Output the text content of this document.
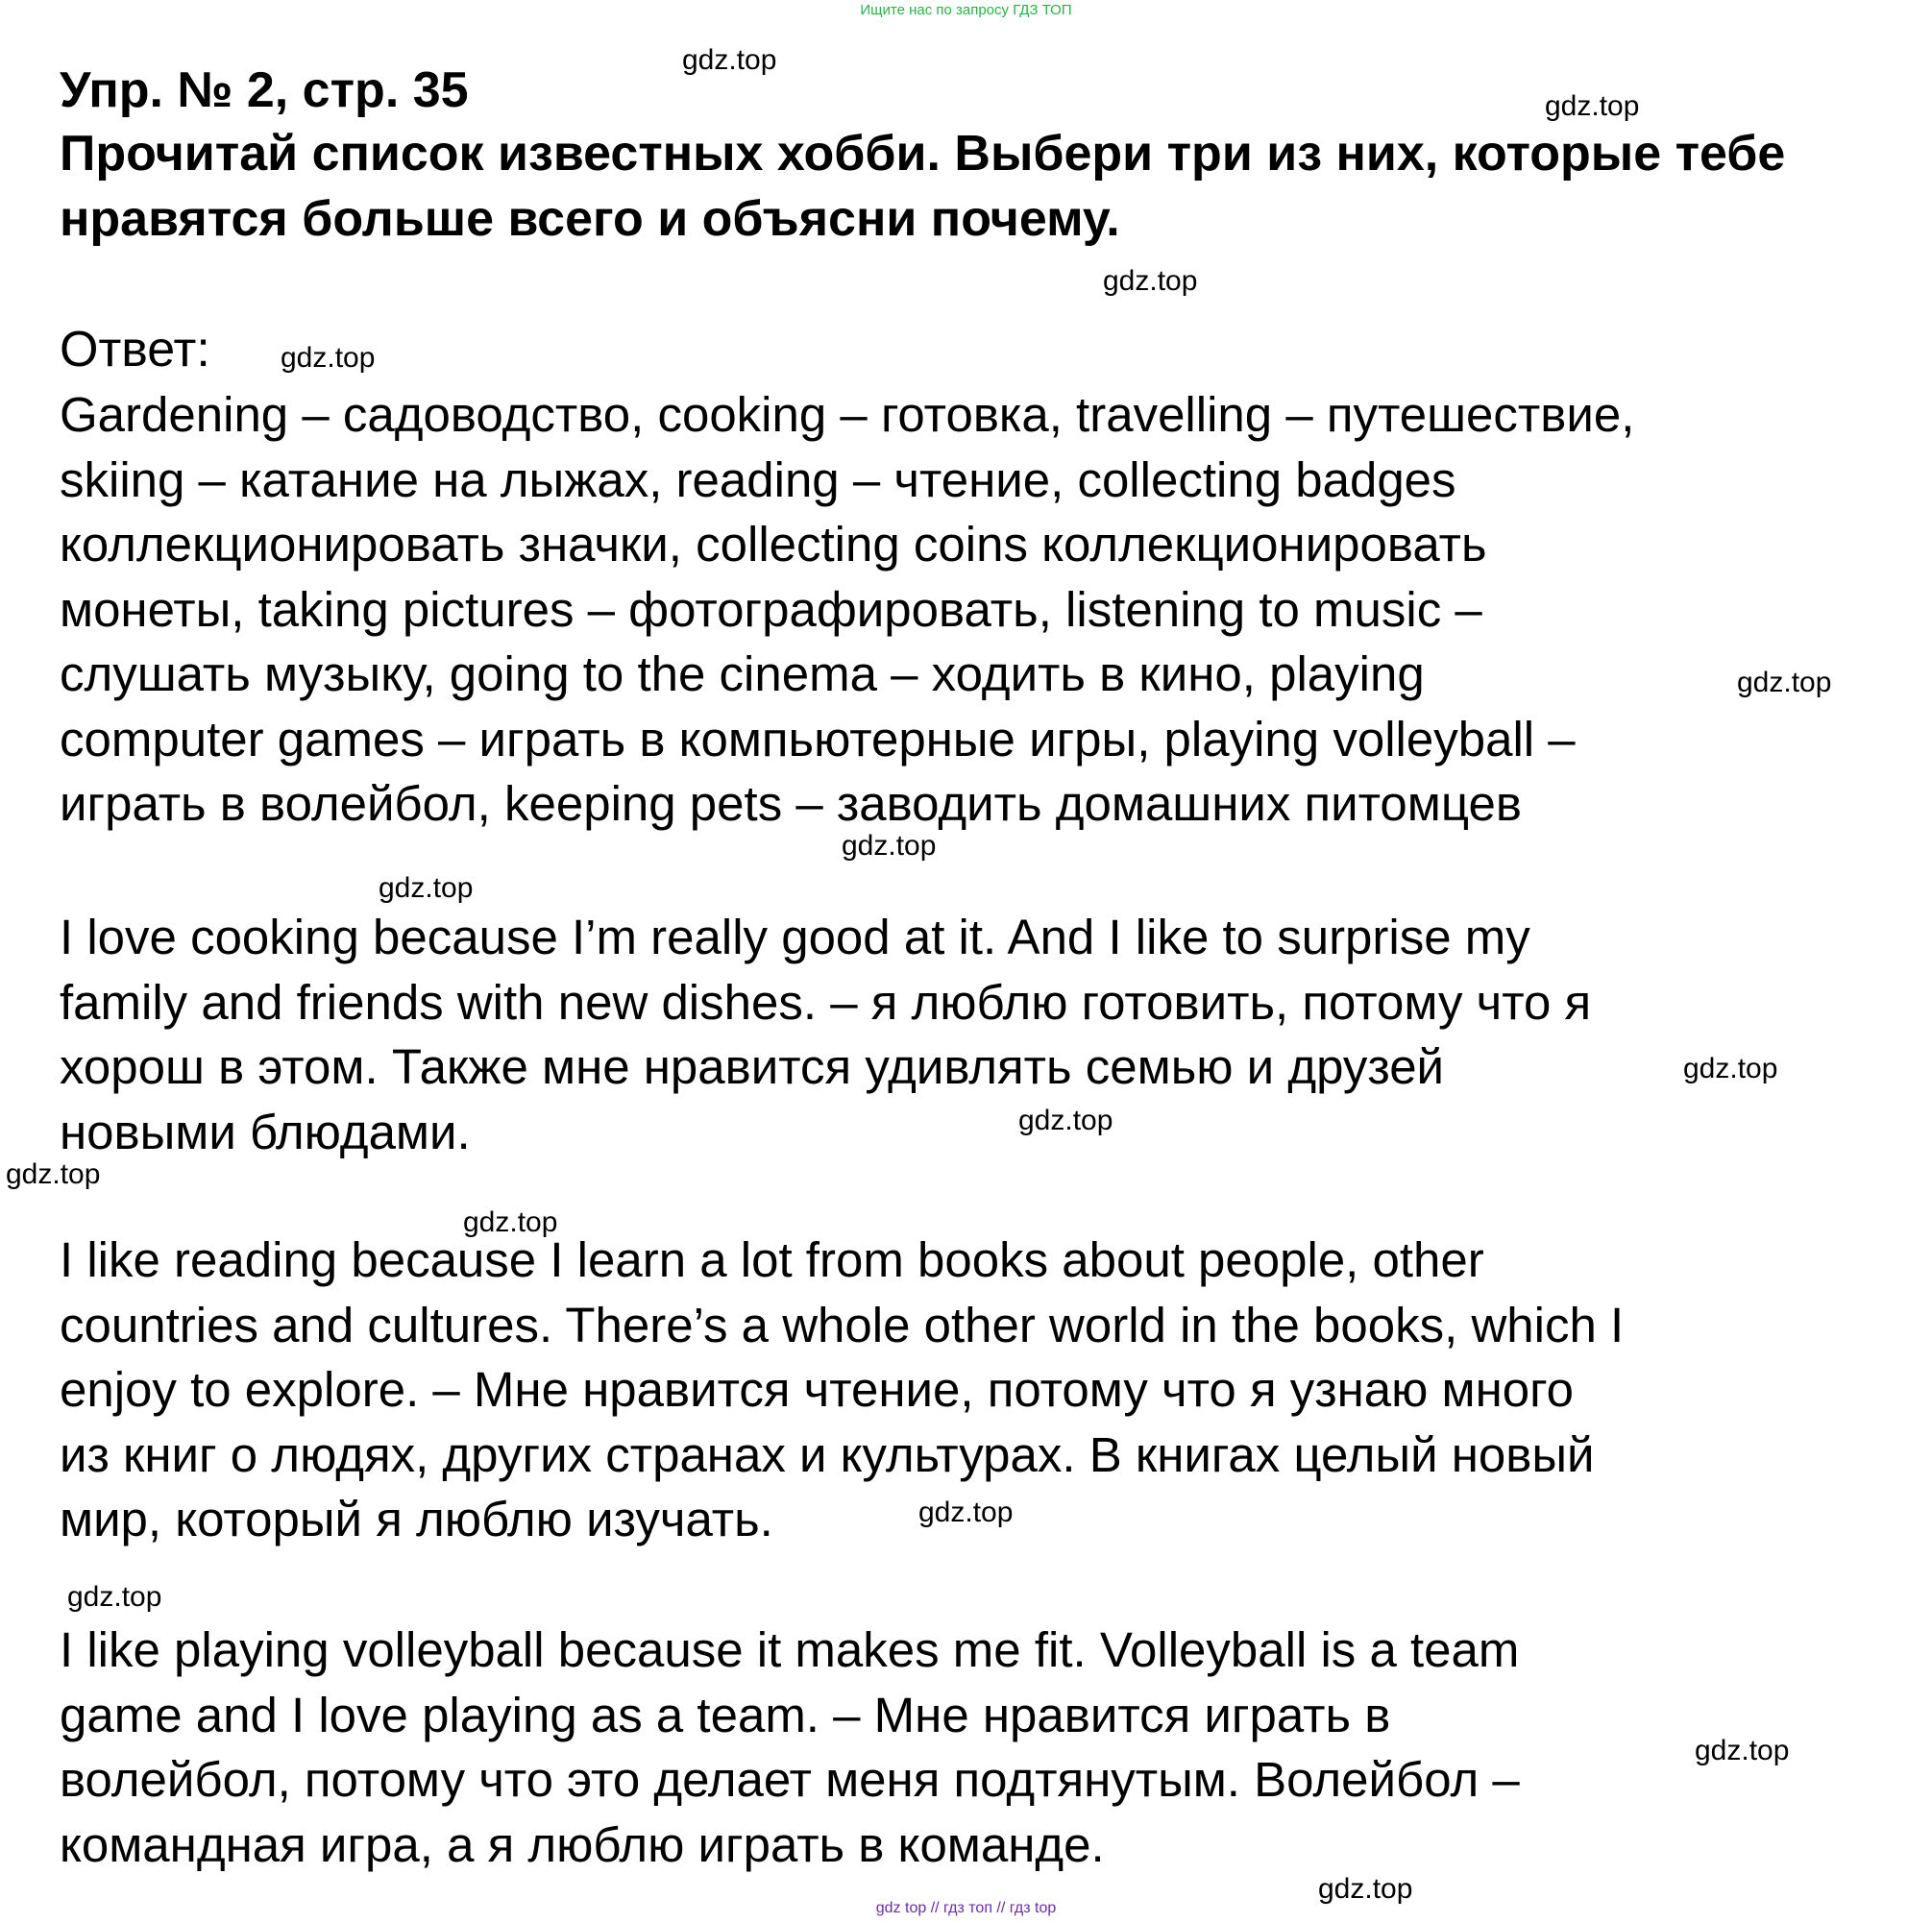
Ищите нас по запросу ГДЗ ТОП
Упр. № 2, стр. 35
Прочитай список известных хобби. Выбери три из них, которые тебе нравятся больше всего и объясни почему.
Ответ:
Gardening – садоводство, cooking – готовка, travelling – путешествие,
skiing – катание на лыжах, reading – чтение, collecting badges
коллекционировать значки, collecting coins коллекционировать
монеты, taking pictures – фотографировать, listening to music –
слушать музыку, going to the cinema – ходить в кино, playing
computer games – играть в компьютерные игры, playing volleyball –
играть в волейбол, keeping pets – заводить домашних питомцев
I love cooking because I’m really good at it. And I like to surprise my
family and friends with new dishes. – я люблю готовить, потому что я
хорош в этом. Также мне нравится удивлять семью и друзей
новыми блюдами.
I like reading because I learn a lot from books about people, other
countries and cultures. There’s a whole other world in the books, which I
enjoy to explore. – Мне нравится чтение, потому что я узнаю много
из книг о людях, других странах и культурах. В книгах целый новый
мир, который я люблю изучать.
I like playing volleyball because it makes me fit. Volleyball is a team
game and I love playing as a team. – Мне нравится играть в
волейбол, потому что это делает меня подтянутым. Волейбол –
командная игра, а я люблю играть в команде.
gdz.top
gdz.top
gdz.top
gdz.top
gdz.top
gdz.top
gdz.top
gdz.top
gdz.top
gdz.top
gdz.top
gdz.top
gdz.top
gdz.top
gdz.top
gdz top // гдз топ // гдз top
